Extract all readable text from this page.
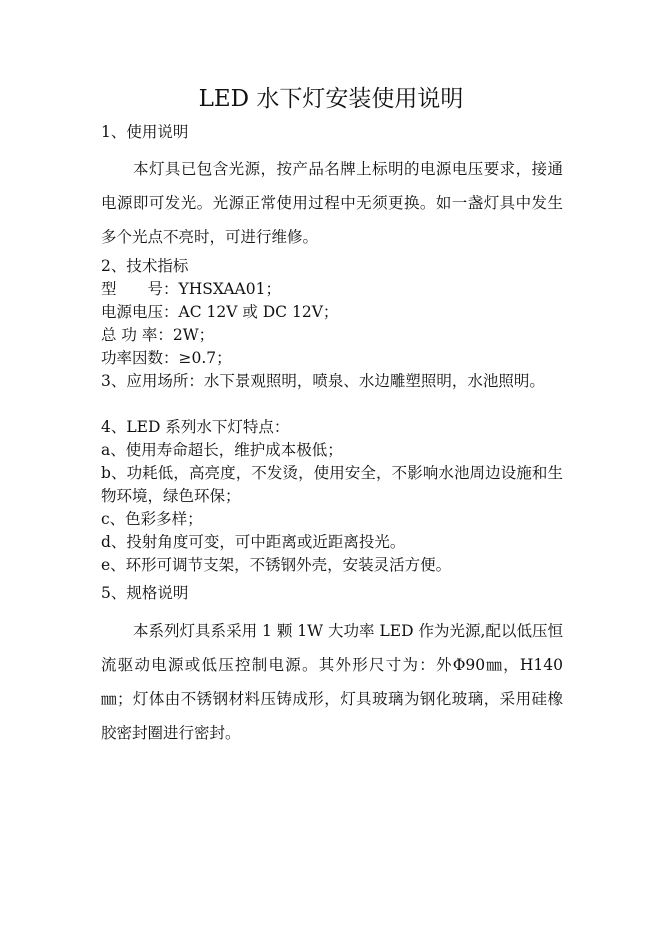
LED 水下灯安装使用说明
1、使用说明
本灯具已包含光源，按产品名牌上标明的电源电压要求，接通电源即可发光。光源正常使用过程中无须更换。如一盏灯具中发生多个光点不亮时，可进行维修。
2、技术指标
型　　号：YHSXAA01；
电源电压：AC 12V 或 DC 12V；
总 功 率：2W；
功率因数：≥0.7；
3、应用场所：水下景观照明，喷泉、水边雕塑照明，水池照明。
4、LED 系列水下灯特点：
a、使用寿命超长，维护成本极低；
b、功耗低，高亮度，不发烫，使用安全，不影响水池周边设施和生物环境，绿色环保；
c、色彩多样；
d、投射角度可变，可中距离或近距离投光。
e、环形可调节支架，不锈钢外壳，安装灵活方便。
5、规格说明
本系列灯具系采用 1 颗 1W 大功率 LED 作为光源,配以低压恒流驱动电源或低压控制电源。其外形尺寸为：外Φ90㎜，H140㎜；灯体由不锈钢材料压铸成形，灯具玻璃为钢化玻璃，采用硅橡胶密封圈进行密封。
